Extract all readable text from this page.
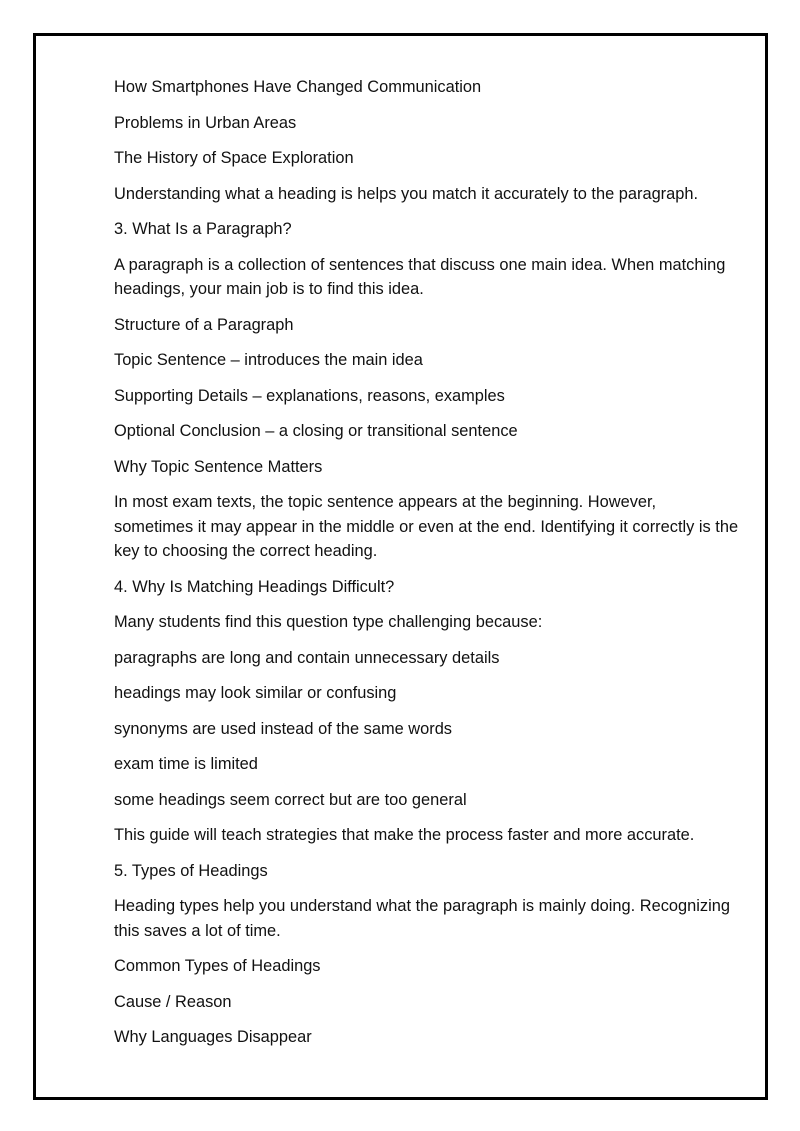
How Smartphones Have Changed Communication

Problems in Urban Areas

The History of Space Exploration

Understanding what a heading is helps you match it accurately to the paragraph.

3. What Is a Paragraph?

A paragraph is a collection of sentences that discuss one main idea. When matching headings, your main job is to find this idea.

Structure of a Paragraph

Topic Sentence – introduces the main idea

Supporting Details – explanations, reasons, examples

Optional Conclusion – a closing or transitional sentence

Why Topic Sentence Matters

In most exam texts, the topic sentence appears at the beginning. However, sometimes it may appear in the middle or even at the end. Identifying it correctly is the key to choosing the correct heading.

4. Why Is Matching Headings Difficult?

Many students find this question type challenging because:

paragraphs are long and contain unnecessary details

headings may look similar or confusing

synonyms are used instead of the same words

exam time is limited

some headings seem correct but are too general

This guide will teach strategies that make the process faster and more accurate.

5. Types of Headings

Heading types help you understand what the paragraph is mainly doing. Recognizing this saves a lot of time.

Common Types of Headings

Cause / Reason

Why Languages Disappear
